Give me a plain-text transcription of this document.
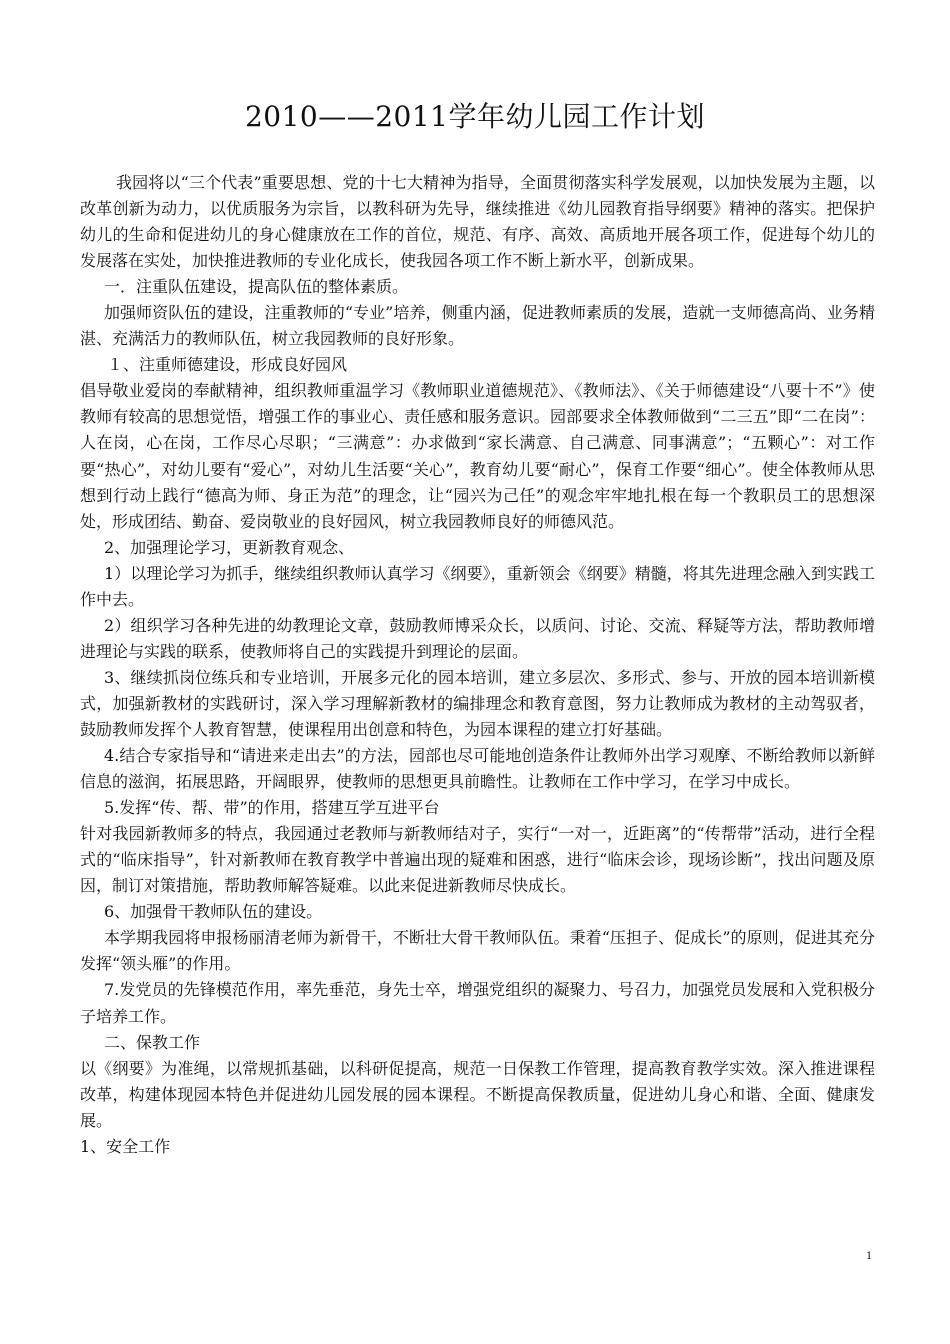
2010——2011学年幼儿园工作计划

我园将以“三个代表”重要思想、党的十七大精神为指导，全面贯彻落实科学发展观，以加快发展为主题，以改革创新为动力，以优质服务为宗旨，以教科研为先导，继续推进《幼儿园教育指导纲要》精神的落实。把保护幼儿的生命和促进幼儿的身心健康放在工作的首位，规范、有序、高效、高质地开展各项工作，促进每个幼儿的发展落在实处，加快推进教师的专业化成长，使我园各项工作不断上新水平，创新成果。

一．注重队伍建设，提高队伍的整体素质。

加强师资队伍的建设，注重教师的“专业”培养，侧重内涵，促进教师素质的发展，造就一支师德高尚、业务精湛、充满活力的教师队伍，树立我园教师的良好形象。

１、注重师德建设，形成良好园风

倡导敬业爱岗的奉献精神，组织教师重温学习《教师职业道德规范》、《教师法》、《关于师德建设“八要十不”》使教师有较高的思想觉悟，增强工作的事业心、责任感和服务意识。园部要求全体教师做到“二三五”即“二在岗”：人在岗，心在岗，工作尽心尽职；“三满意”：办求做到“家长满意、自己满意、同事满意”；“五颗心”：对工作要“热心”，对幼儿要有“爱心”，对幼儿生活要“关心”，教育幼儿要“耐心”，保育工作要“细心”。使全体教师从思想到行动上践行“德高为师、身正为范”的理念，让“园兴为己任”的观念牢牢地扎根在每一个教职员工的思想深处，形成团结、勤奋、爱岗敬业的良好园风，树立我园教师良好的师德风范。

2、加强理论学习，更新教育观念、

1）以理论学习为抓手，继续组织教师认真学习《纲要》，重新领会《纲要》精髓，将其先进理念融入到实践工作中去。

2）组织学习各种先进的幼教理论文章，鼓励教师博采众长，以质问、讨论、交流、释疑等方法，帮助教师增进理论与实践的联系，使教师将自己的实践提升到理论的层面。

3、继续抓岗位练兵和专业培训，开展多元化的园本培训，建立多层次、多形式、参与、开放的园本培训新模式，加强新教材的实践研讨，深入学习理解新教材的编排理念和教育意图，努力让教师成为教材的主动驾驭者，鼓励教师发挥个人教育智慧，使课程用出创意和特色，为园本课程的建立打好基础。

4.结合专家指导和“请进来走出去”的方法，园部也尽可能地创造条件让教师外出学习观摩、不断给教师以新鲜信息的滋润，拓展思路，开阔眼界，使教师的思想更具前瞻性。让教师在工作中学习，在学习中成长。

5.发挥“传、帮、带”的作用，搭建互学互进平台

针对我园新教师多的特点，我园通过老教师与新教师结对子，实行“一对一，近距离”的“传帮带”活动，进行全程式的“临床指导”，针对新教师在教育教学中普遍出现的疑难和困惑，进行“临床会诊，现场诊断”，找出问题及原因，制订对策措施，帮助教师解答疑难。以此来促进新教师尽快成长。

6、加强骨干教师队伍的建设。

本学期我园将申报杨丽清老师为新骨干，不断壮大骨干教师队伍。秉着“压担子、促成长”的原则，促进其充分发挥“领头雁”的作用。

7.发党员的先锋模范作用，率先垂范，身先士卒，增强党组织的凝聚力、号召力，加强党员发展和入党积极分子培养工作。

二、保教工作

以《纲要》为准绳，以常规抓基础，以科研促提高，规范一日保教工作管理，提高教育教学实效。深入推进课程改革，构建体现园本特色并促进幼儿园发展的园本课程。不断提高保教质量，促进幼儿身心和谐、全面、健康发展。

1、安全工作

1
